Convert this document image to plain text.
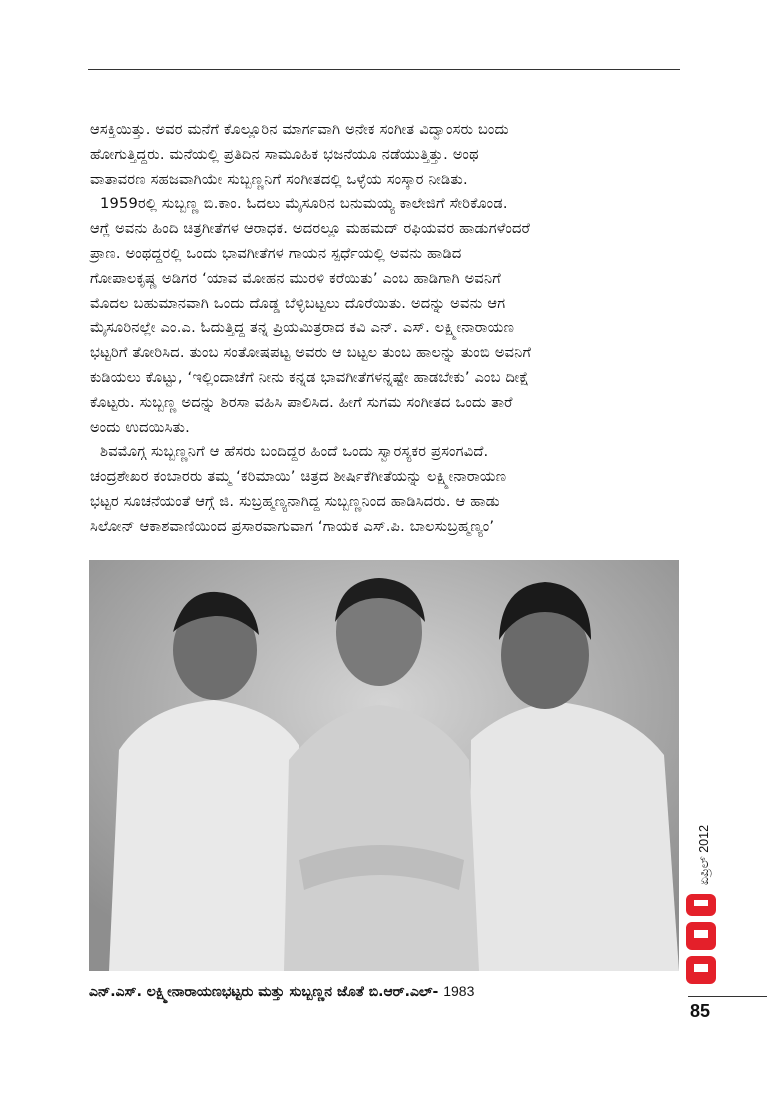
ಆಸಕ್ತಿಯಿತ್ತು. ಅವರ ಮನೆಗೆ ಕೊಲ್ಲೂರಿನ ಮಾರ್ಗವಾಗಿ ಅನೇಕ ಸಂಗೀತ ವಿದ್ವಾಂಸರು ಬಂದು

ಹೋಗುತ್ತಿದ್ದರು. ಮನೆಯಲ್ಲಿ ಪ್ರತಿದಿನ ಸಾಮೂಹಿಕ ಭಜನೆಯೂ ನಡೆಯುತ್ತಿತ್ತು. ಅಂಥ

ವಾತಾವರಣ ಸಹಜವಾಗಿಯೇ ಸುಬ್ಬಣ್ಣನಿಗೆ ಸಂಗೀತದಲ್ಲಿ ಒಳ್ಳೆಯ ಸಂಸ್ಕಾರ ನೀಡಿತು.

1959ರಲ್ಲಿ ಸುಬ್ಬಣ್ಣ ಬಿ.ಕಾಂ. ಓದಲು ಮೈಸೂರಿನ ಬನುಮಯ್ಯ ಕಾಲೇಜಿಗೆ ಸೇರಿಕೊಂಡ.

ಆಗ್ಲೆ ಅವನು ಹಿಂದಿ ಚಿತ್ರಗೀತೆಗಳ ಆರಾಧಕ. ಅದರಲ್ಲೂ ಮಹಮದ್ ರಫಿಯವರ ಹಾಡುಗಳೆಂದರೆ

ಪ್ರಾಣ. ಅಂಥದ್ದರಲ್ಲಿ ಒಂದು ಭಾವಗೀತೆಗಳ ಗಾಯನ ಸ್ಪರ್ಧೆಯಲ್ಲಿ ಅವನು ಹಾಡಿದ

ಗೋಪಾಲಕೃಷ್ಣ ಅಡಿಗರ ‘ಯಾವ ಮೋಹನ ಮುರಳಿ ಕರೆಯಿತು’ ಎಂಬ ಹಾಡಿಗಾಗಿ ಅವನಿಗೆ

ಮೊದಲ ಬಹುಮಾನವಾಗಿ ಒಂದು ದೊಡ್ಡ ಬೆಳ್ಳಿಬಟ್ಟಲು ದೊರೆಯಿತು. ಅದನ್ನು ಅವನು ಆಗ

ಮೈಸೂರಿನಲ್ಲೇ ಎಂ.ಎ. ಓದುತ್ತಿದ್ದ ತನ್ನ ಪ್ರಿಯಮಿತ್ರರಾದ ಕವಿ ಎನ್. ಎಸ್. ಲಕ್ಷ್ಮೀನಾರಾಯಣ

ಭಟ್ಟರಿಗೆ ತೋರಿಸಿದ. ತುಂಬ ಸಂತೋಷಪಟ್ಟ ಅವರು ಆ ಬಟ್ಟಲ ತುಂಬ ಹಾಲನ್ನು ತುಂಬಿ ಅವನಿಗೆ

ಕುಡಿಯಲು ಕೊಟ್ಟು, ‘ಇಲ್ಲಿಂದಾಚೆಗೆ ನೀನು ಕನ್ನಡ ಭಾವಗೀತೆಗಳನ್ನಷ್ಟೇ ಹಾಡಬೇಕು’ ಎಂಬ ದೀಕ್ಷೆ

ಕೊಟ್ಟರು. ಸುಬ್ಬಣ್ಣ ಅದನ್ನು ಶಿರಸಾ ವಹಿಸಿ ಪಾಲಿಸಿದ. ಹೀಗೆ ಸುಗಮ ಸಂಗೀತದ ಒಂದು ತಾರೆ

ಅಂದು ಉದಯಿಸಿತು.

ಶಿವಮೊಗ್ಗ ಸುಬ್ಬಣ್ಣನಿಗೆ ಆ ಹೆಸರು ಬಂದಿದ್ದರ ಹಿಂದೆ ಒಂದು ಸ್ವಾರಸ್ಯಕರ ಪ್ರಸಂಗವಿದೆ.

ಚಂದ್ರಶೇಖರ ಕಂಬಾರರು ತಮ್ಮ ‘ಕರಿಮಾಯಿ’ ಚಿತ್ರದ ಶೀರ್ಷಿಕೆಗೀತೆಯನ್ನು ಲಕ್ಷ್ಮೀನಾರಾಯಣ

ಭಟ್ಟರ ಸೂಚನೆಯಂತೆ ಆಗ್ಗೆ ಜಿ. ಸುಬ್ರಹ್ಮಣ್ಯನಾಗಿದ್ದ ಸುಬ್ಬಣ್ಣನಿಂದ ಹಾಡಿಸಿದರು. ಆ ಹಾಡು

ಸಿಲೋನ್ ಆಕಾಶವಾಣಿಯಿಂದ ಪ್ರಸಾರವಾಗುವಾಗ ‘ಗಾಯಕ ಎಸ್.ಪಿ. ಬಾಲಸುಬ್ರಹ್ಮಣ್ಯಂ’

ಎನ್.ಎಸ್. ಲಕ್ಷ್ಮೀನಾರಾಯಣಭಟ್ಟರು ಮತ್ತು ಸುಬ್ಬಣ್ಣನ ಜೊತೆ ಬಿ.ಆರ್.ಎಲ್- 1983
ಏಪ್ರಿಲ್ 2012
85
